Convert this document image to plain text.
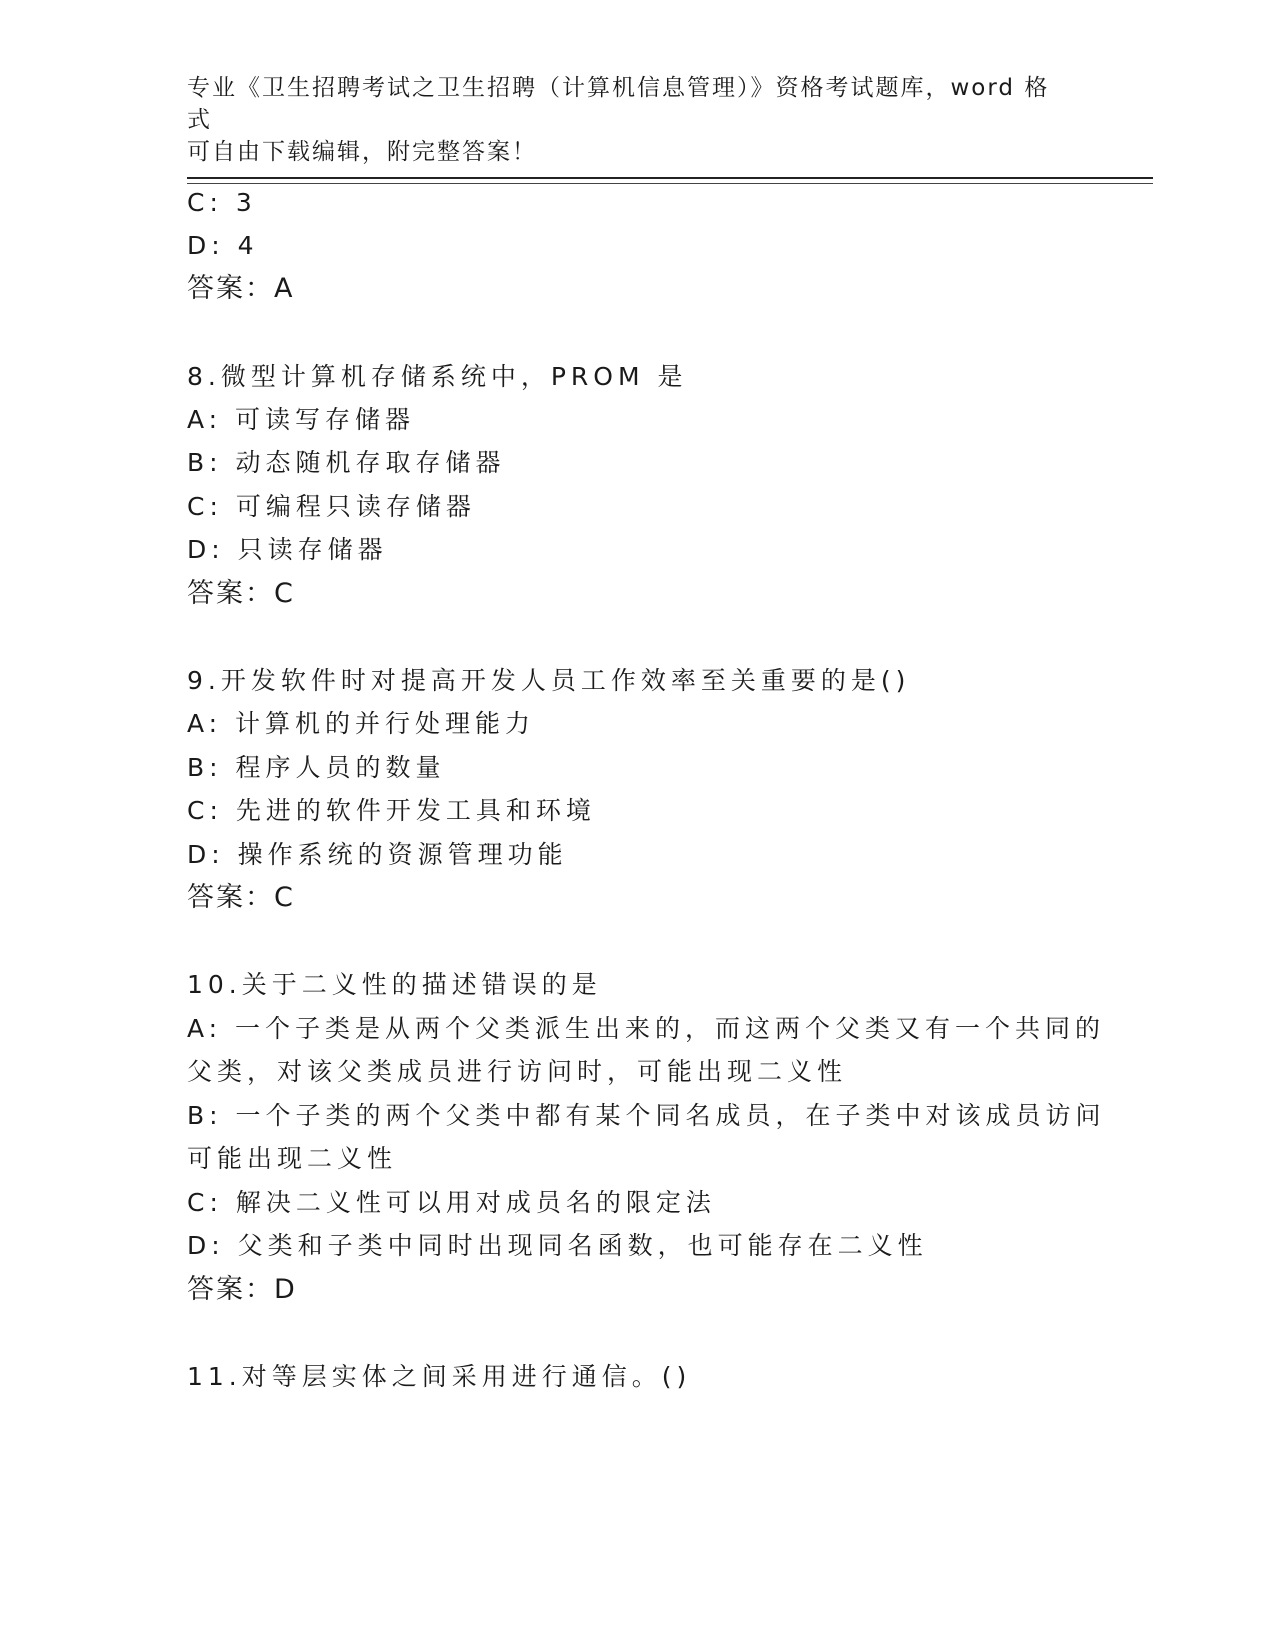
专业《卫生招聘考试之卫生招聘（计算机信息管理）》资格考试题库，word 格式
可自由下载编辑，附完整答案！
C: 3
D: 4
答案：A
8.微型计算机存储系统中，PROM 是
A: 可读写存储器
B: 动态随机存取存储器
C: 可编程只读存储器
D: 只读存储器
答案：C
9.开发软件时对提高开发人员工作效率至关重要的是()
A: 计算机的并行处理能力
B: 程序人员的数量
C: 先进的软件开发工具和环境
D: 操作系统的资源管理功能
答案：C
10.关于二义性的描述错误的是
A: 一个子类是从两个父类派生出来的，而这两个父类又有一个共同的
父类，对该父类成员进行访问时，可能出现二义性
B: 一个子类的两个父类中都有某个同名成员，在子类中对该成员访问
可能出现二义性
C: 解决二义性可以用对成员名的限定法
D: 父类和子类中同时出现同名函数，也可能存在二义性
答案：D
11.对等层实体之间采用进行通信。()
